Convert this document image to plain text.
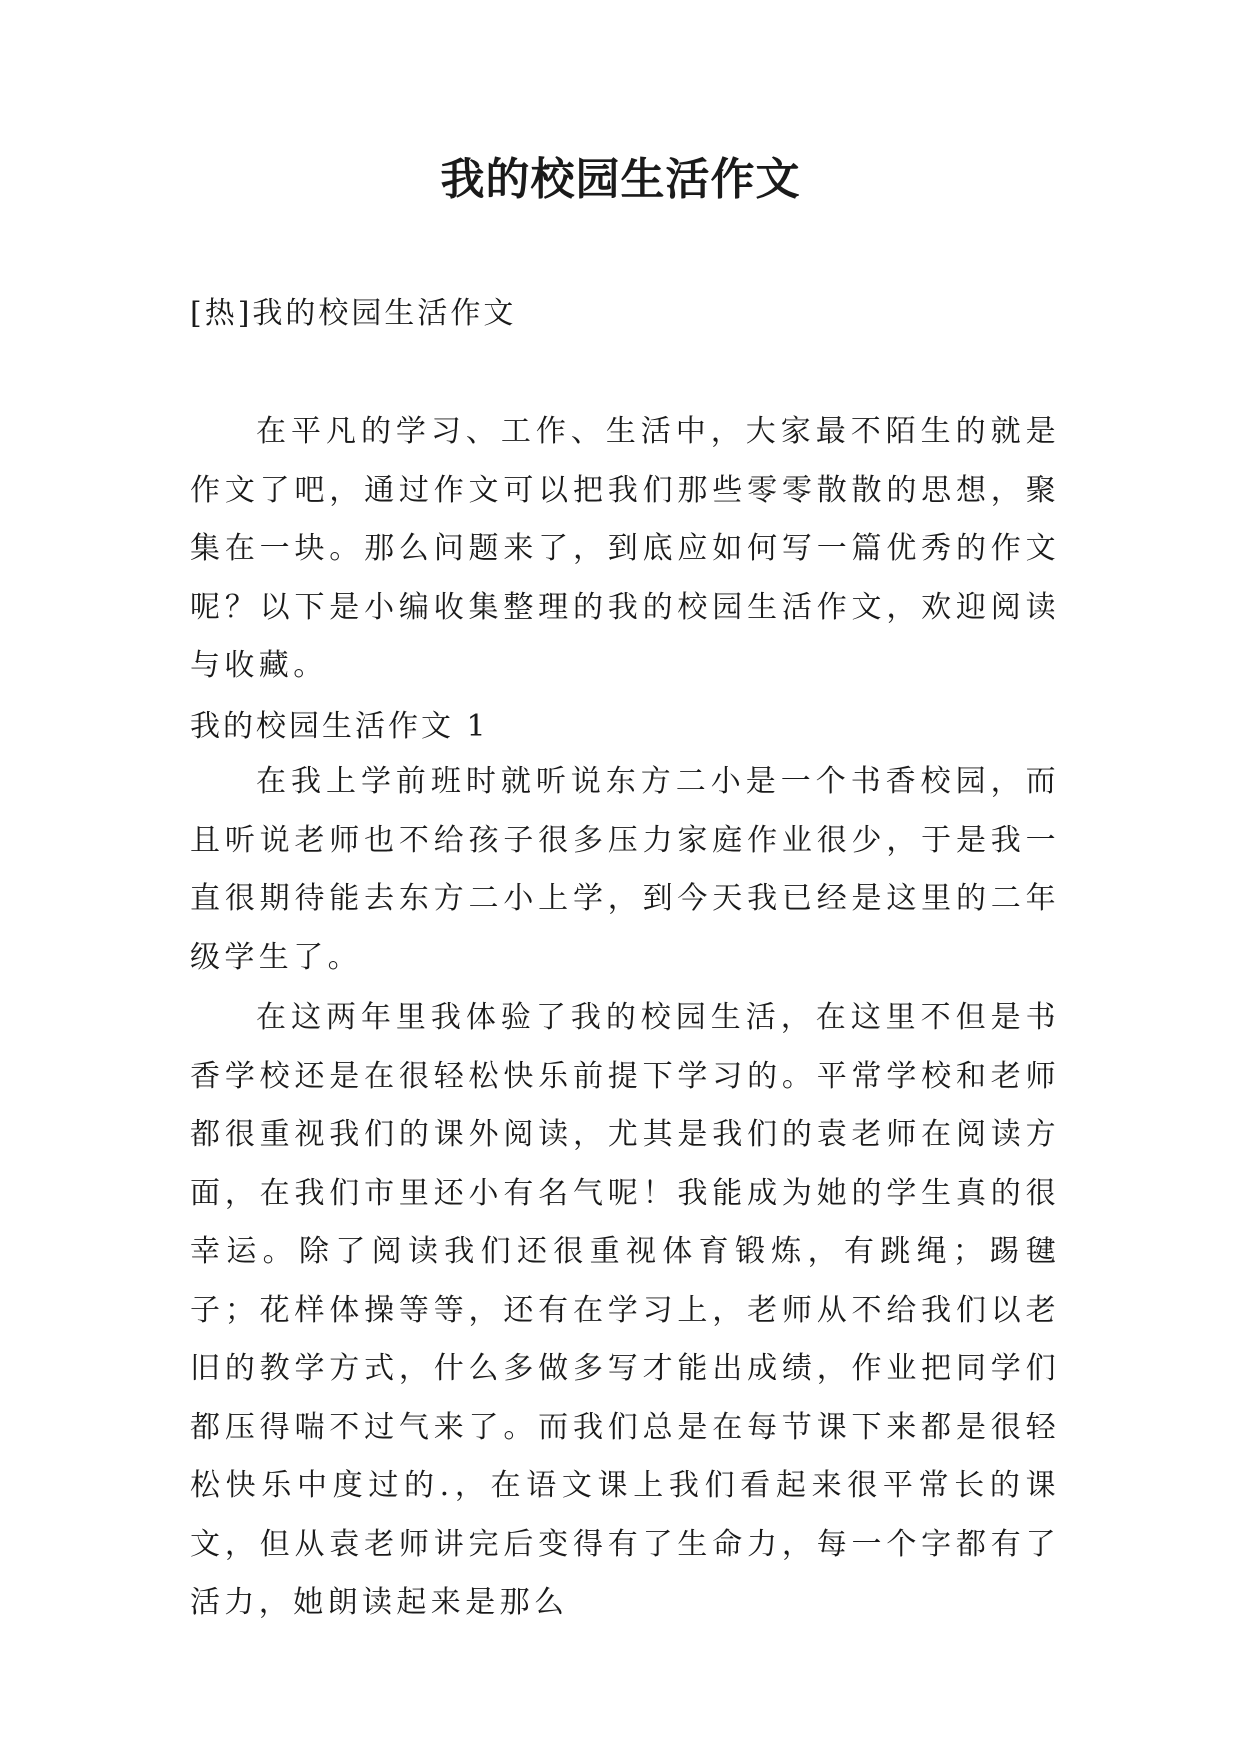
我的校园生活作文
[热]我的校园生活作文

在平凡的学习、工作、生活中，大家最不陌生的就是作文了吧，通过作文可以把我们那些零零散散的思想，聚集在一块。那么问题来了，到底应如何写一篇优秀的作文呢？以下是小编收集整理的我的校园生活作文，欢迎阅读与收藏。

我的校园生活作文 1

在我上学前班时就听说东方二小是一个书香校园，而且听说老师也不给孩子很多压力家庭作业很少，于是我一直很期待能去东方二小上学，到今天我已经是这里的二年级学生了。

在这两年里我体验了我的校园生活，在这里不但是书香学校还是在很轻松快乐前提下学习的。平常学校和老师都很重视我们的课外阅读，尤其是我们的袁老师在阅读方面，在我们市里还小有名气呢！我能成为她的学生真的很幸运。除了阅读我们还很重视体育锻炼，有跳绳；踢毽子；花样体操等等，还有在学习上，老师从不给我们以老旧的教学方式，什么多做多写才能出成绩，作业把同学们都压得喘不过气来了。而我们总是在每节课下来都是很轻松快乐中度过的.，在语文课上我们看起来很平常长的课文，但从袁老师讲完后变得有了生命力，每一个字都有了活力，她朗读起来是那么
